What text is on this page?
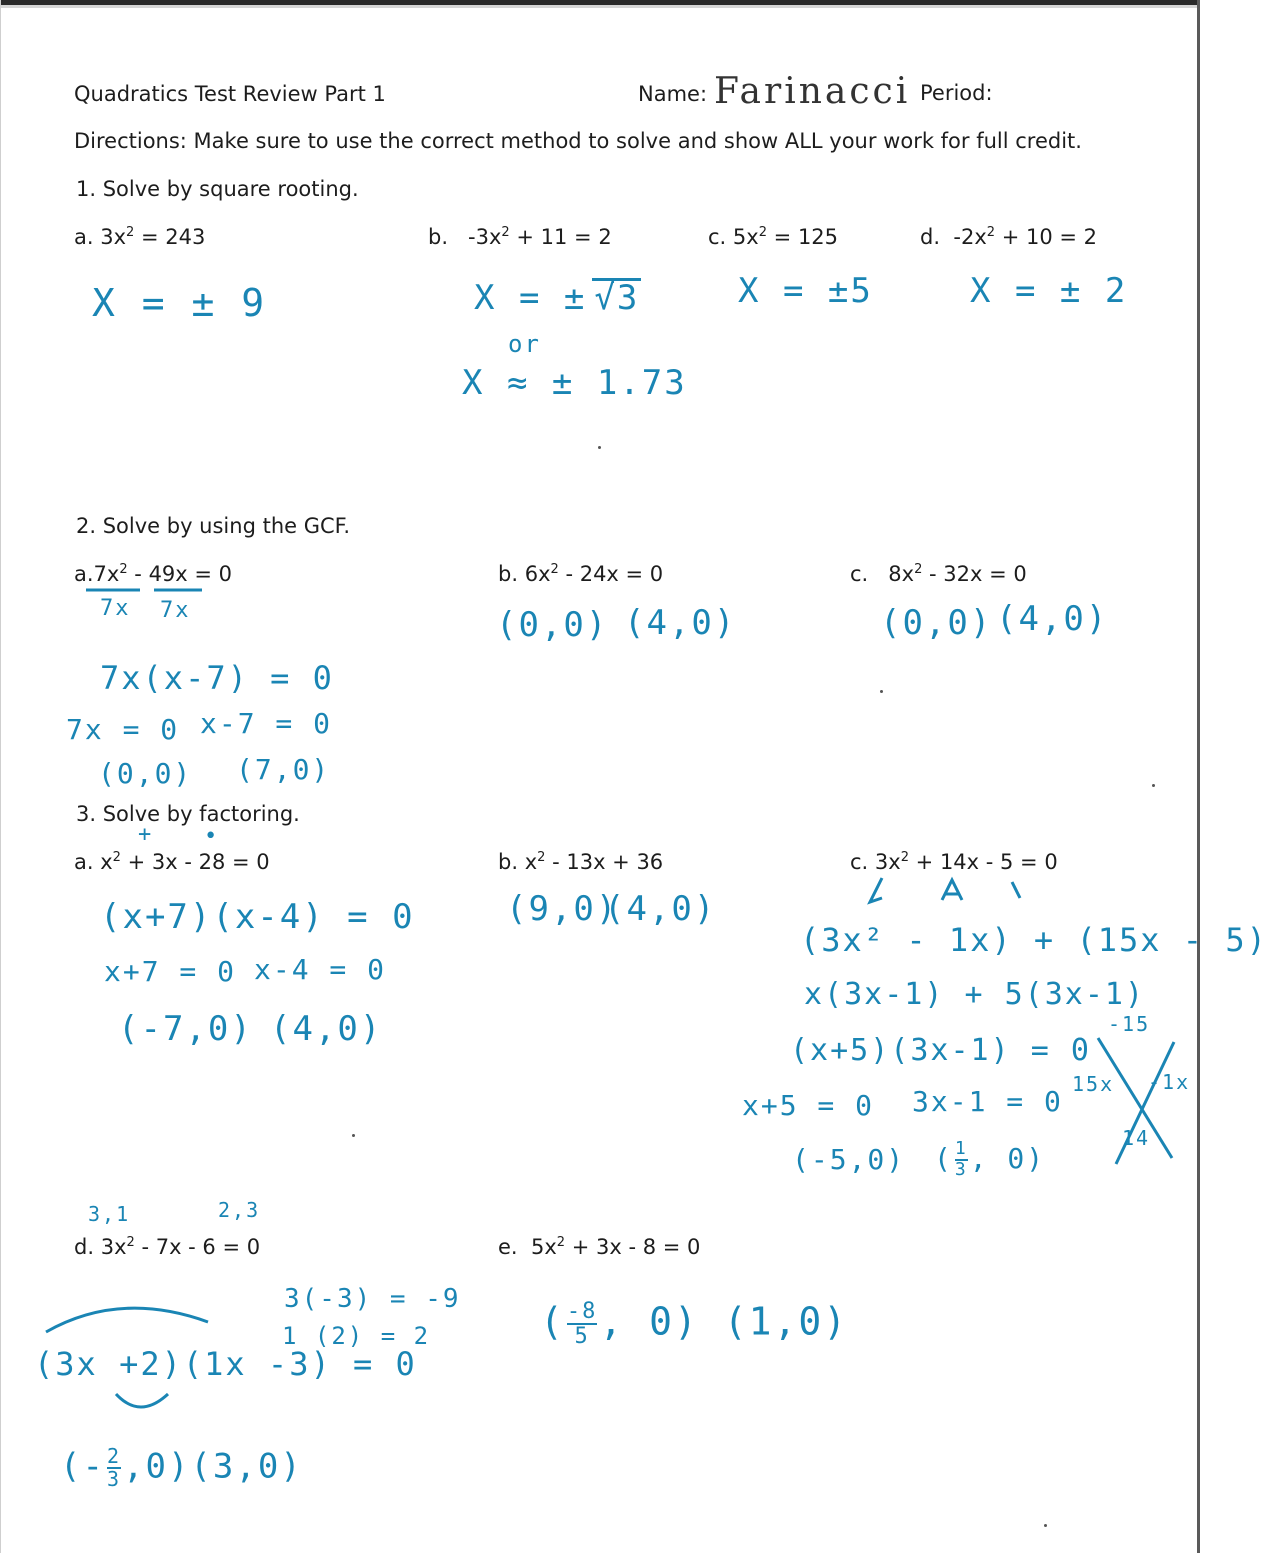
Quadratics Test Review Part 1	Name: Farinacci Period:
Directions: Make sure to use the correct method to solve and show ALL your work for full credit.
1. Solve by square rooting.
a. $3x^2 = 243$	b. $-3x^2 + 11 = 2$	c. $5x^2 = 125$	d. $-2x^2 + 10 = 2$
X = ± 9	X = ± √3
or
X ≈ ± 1.73
X = ±5	X = ± 2
2. Solve by using the GCF.
$a.7x^2 - 49x = 0$
7x 7x
7x(x-7) = 0
7x = 0 x-7 = 0
(0,0) (7,0)
b. $6x^2 - 24x = 0$
(0,0) (4,0)
c. $8x^2 - 32x = 0$
(0,0) (4,0)
3. Solve by factoring.
+ •
a. $x^2 + 3x - 28 = 0$
(x+7)(x-4) = 0
x+7 = 0 x-4 = 0
(-7,0) (4,0)
b. $x^2 - 13x + 36$
(9,0)
(4,0)
c. $3x^2 + 14x - 5 = 0$
(3x² - 1x) + (15x - 5)
x(3x-1) + 5(3x-1)
(x+5)(3x-1) = 0
x+5 = 0 3x-1 = 0
(-5,0) ( $\frac{1}{3}$ , 0)
-15
15x -1x
14
3,1	2,3
d. $3x^2 - 7x - 6 = 0$
3(-3) = -9
1 (2) = 2
(3x +2)(1x -3) = 0
(- $\frac{2}{3} ,0)(3,0)$
e. $5x^2 + 3x - 8 = 0$
( $\frac{-8}{5}$ , 0) (1,0)
